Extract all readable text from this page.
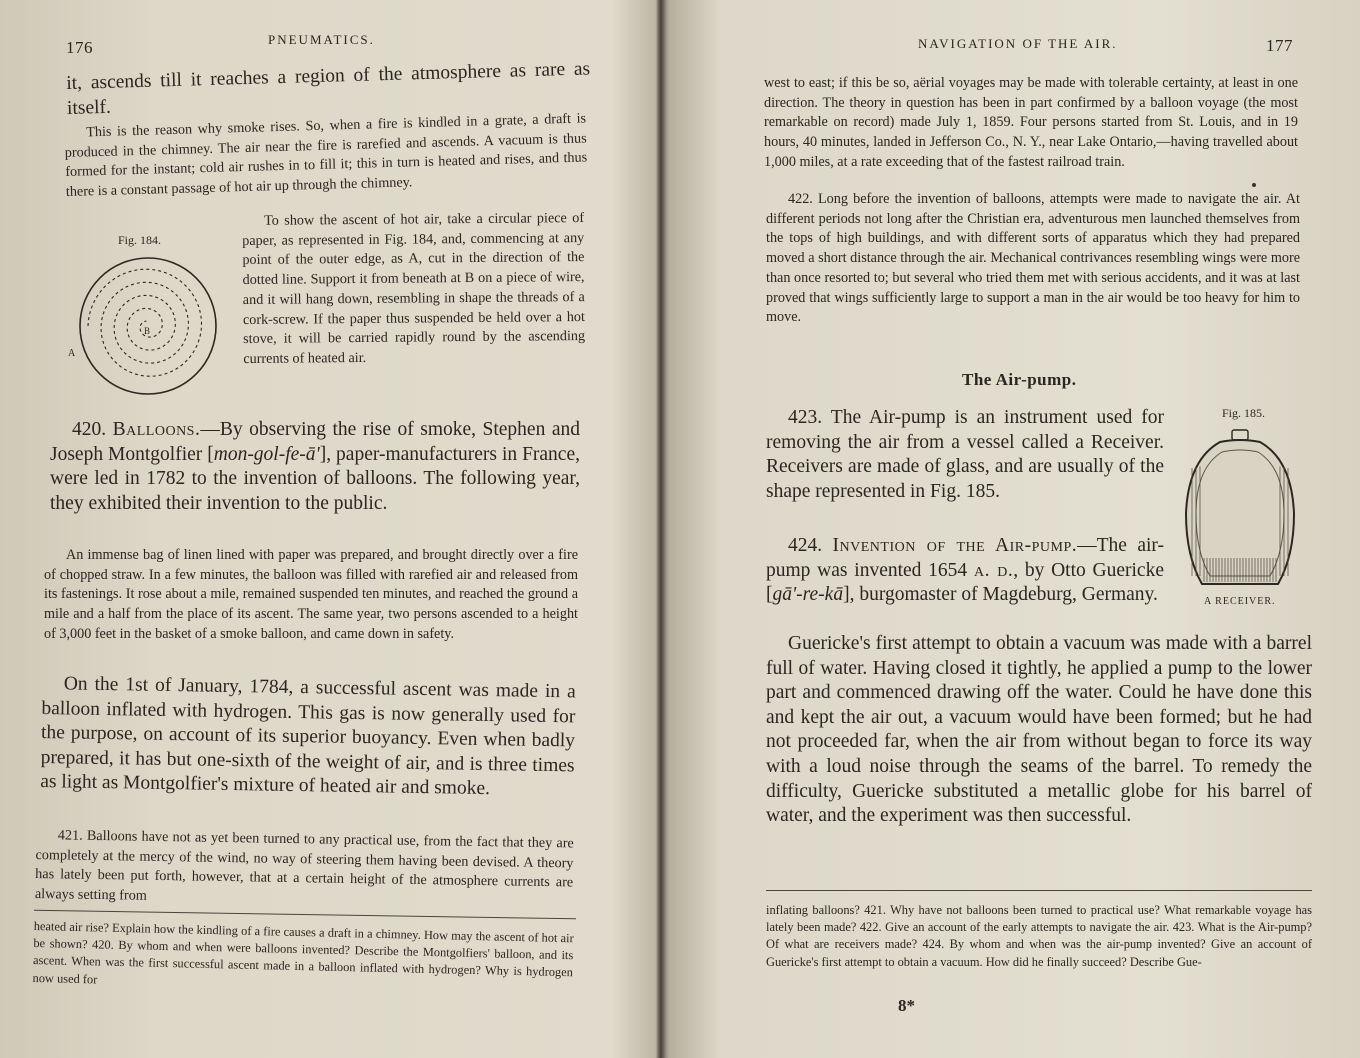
176	PNEUMATICS.
it, ascends till it reaches a region of the atmosphere as rare as itself.
This is the reason why smoke rises. So, when a fire is kindled in a grate, a draft is produced in the chimney. The air near the fire is rarefied and ascends. A vacuum is thus formed for the instant; cold air rushes in to fill it; this in turn is heated and rises, and thus there is a constant passage of hot air up through the chimney.
Fig. 184.
A
B
To show the ascent of hot air, take a circular piece of paper, as represented in Fig. 184, and, commencing at any point of the outer edge, as A, cut in the direction of the dotted line. Support it from beneath at B on a piece of wire, and it will hang down, resembling in shape the threads of a cork-screw. If the paper thus suspended be held over a hot stove, it will be carried rapidly round by the ascending currents of heated air.
420. Balloons.—By observing the rise of smoke, Stephen and Joseph Montgolfier [mon-gol-fe-ā'], paper-manufacturers in France, were led in 1782 to the invention of balloons. The following year, they exhibited their invention to the public.
An immense bag of linen lined with paper was prepared, and brought directly over a fire of chopped straw. In a few minutes, the balloon was filled with rarefied air and released from its fastenings. It rose about a mile, remained suspended ten minutes, and reached the ground a mile and a half from the place of its ascent. The same year, two persons ascended to a height of 3,000 feet in the basket of a smoke balloon, and came down in safety.
On the 1st of January, 1784, a successful ascent was made in a balloon inflated with hydrogen. This gas is now generally used for the purpose, on account of its superior buoyancy. Even when badly prepared, it has but one-sixth of the weight of air, and is three times as light as Montgolfier's mixture of heated air and smoke.
421. Balloons have not as yet been turned to any practical use, from the fact that they are completely at the mercy of the wind, no way of steering them having been devised. A theory has lately been put forth, however, that at a certain height of the atmosphere currents are always setting from
heated air rise? Explain how the kindling of a fire causes a draft in a chimney. How may the ascent of hot air be shown? 420. By whom and when were balloons invented? Describe the Montgolfiers' balloon, and its ascent. When was the first successful ascent made in a balloon inflated with hydrogen? Why is hydrogen now used for
NAVIGATION OF THE AIR.	177
west to east; if this be so, aërial voyages may be made with tolerable certainty, at least in one direction. The theory in question has been in part confirmed by a balloon voyage (the most remarkable on record) made July 1, 1859. Four persons started from St. Louis, and in 19 hours, 40 minutes, landed in Jefferson Co., N. Y., near Lake Ontario,—having travelled about 1,000 miles, at a rate exceeding that of the fastest railroad train.
422. Long before the invention of balloons, attempts were made to navigate the air. At different periods not long after the Christian era, adventurous men launched themselves from the tops of high buildings, and with different sorts of apparatus which they had prepared moved a short distance through the air. Mechanical contrivances resembling wings were more than once resorted to; but several who tried them met with serious accidents, and it was at last proved that wings sufficiently large to support a man in the air would be too heavy for him to move.
The Air-pump.
423. The Air-pump is an instrument used for removing the air from a vessel called a Receiver. Receivers are made of glass, and are usually of the shape represented in Fig. 185.
Fig. 185.
A RECEIVER.
424. Invention of the Air-pump.—The air-pump was invented 1654 a. d., by Otto Guericke [gā'-re-kā], burgomaster of Magdeburg, Germany.
Guericke's first attempt to obtain a vacuum was made with a barrel full of water. Having closed it tightly, he applied a pump to the lower part and commenced drawing off the water. Could he have done this and kept the air out, a vacuum would have been formed; but he had not proceeded far, when the air from without began to force its way with a loud noise through the seams of the barrel. To remedy the difficulty, Guericke substituted a metallic globe for his barrel of water, and the experiment was then successful.
inflating balloons? 421. Why have not balloons been turned to practical use? What remarkable voyage has lately been made? 422. Give an account of the early attempts to navigate the air. 423. What is the Air-pump? Of what are receivers made? 424. By whom and when was the air-pump invented? Give an account of Guericke's first attempt to obtain a vacuum. How did he finally succeed? Describe Gue-
8*
